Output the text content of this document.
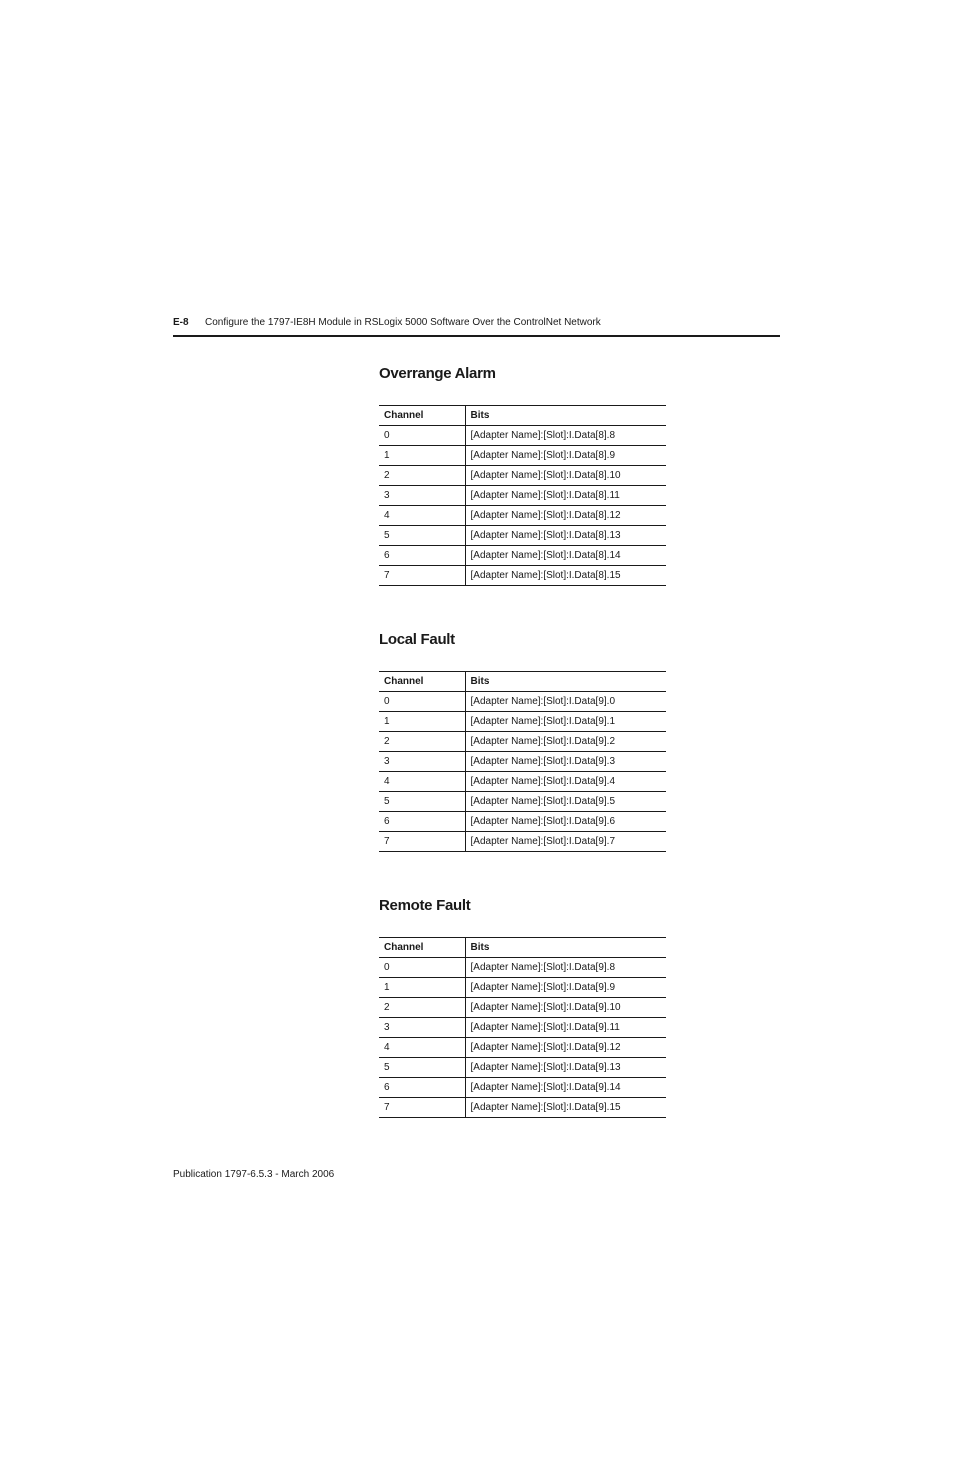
E-8 Configure the 1797-IE8H Module in RSLogix 5000 Software Over the ControlNet Network
Overrange Alarm
Channel	Bits
0	[Adapter Name]:[Slot]:I.Data[8].8
1	[Adapter Name]:[Slot]:I.Data[8].9
2	[Adapter Name]:[Slot]:I.Data[8].10
3	[Adapter Name]:[Slot]:I.Data[8].11
4	[Adapter Name]:[Slot]:I.Data[8].12
5	[Adapter Name]:[Slot]:I.Data[8].13
6	[Adapter Name]:[Slot]:I.Data[8].14
7	[Adapter Name]:[Slot]:I.Data[8].15
Local Fault
Channel	Bits
0	[Adapter Name]:[Slot]:I.Data[9].0
1	[Adapter Name]:[Slot]:I.Data[9].1
2	[Adapter Name]:[Slot]:I.Data[9].2
3	[Adapter Name]:[Slot]:I.Data[9].3
4	[Adapter Name]:[Slot]:I.Data[9].4
5	[Adapter Name]:[Slot]:I.Data[9].5
6	[Adapter Name]:[Slot]:I.Data[9].6
7	[Adapter Name]:[Slot]:I.Data[9].7
Remote Fault
Channel	Bits
0	[Adapter Name]:[Slot]:I.Data[9].8
1	[Adapter Name]:[Slot]:I.Data[9].9
2	[Adapter Name]:[Slot]:I.Data[9].10
3	[Adapter Name]:[Slot]:I.Data[9].11
4	[Adapter Name]:[Slot]:I.Data[9].12
5	[Adapter Name]:[Slot]:I.Data[9].13
6	[Adapter Name]:[Slot]:I.Data[9].14
7	[Adapter Name]:[Slot]:I.Data[9].15
Publication 1797-6.5.3 - March 2006
